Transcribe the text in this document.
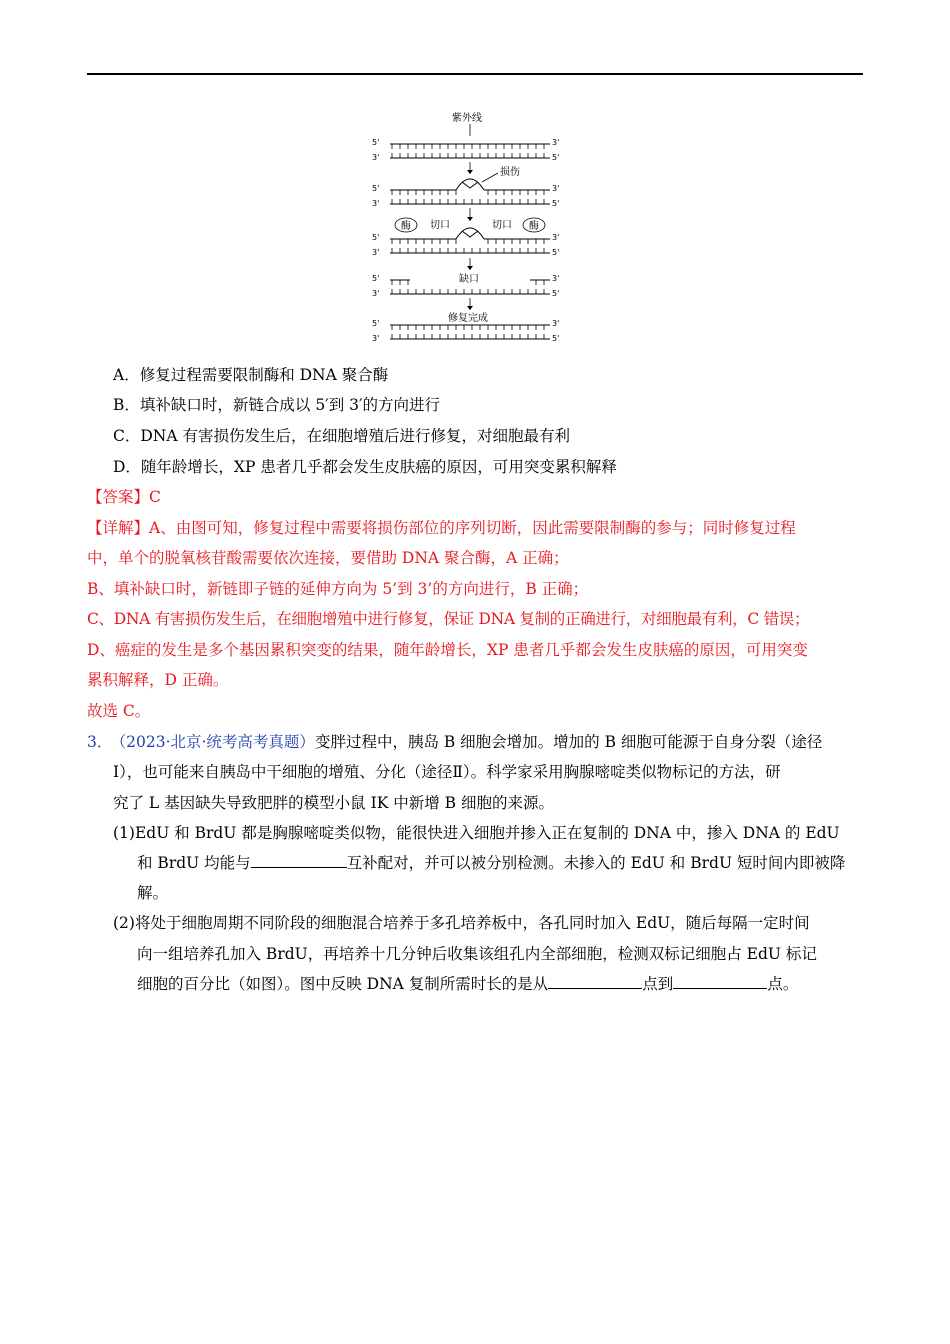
紫外线
5'	3'
3'	5'
5'	3'
3'	5'
5'	3'
3'	5'
5'	3'
3'	5'
5'	3'
3'	5'
损伤
切口	切口
酶	酶
缺口
修复完成
A．修复过程需要限制酶和 DNA 聚合酶
B．填补缺口时，新链合成以 5′到 3′的方向进行
C．DNA 有害损伤发生后，在细胞增殖后进行修复，对细胞最有利
D．随年龄增长，XP 患者几乎都会发生皮肤癌的原因，可用突变累积解释
【答案】C
【详解】A、由图可知，修复过程中需要将损伤部位的序列切断，因此需要限制酶的参与；同时修复过程
中，单个的脱氧核苷酸需要依次连接，要借助 DNA 聚合酶，A 正确；
B、填补缺口时，新链即子链的延伸方向为 5’到 3’的方向进行，B 正确；
C、DNA 有害损伤发生后，在细胞增殖中进行修复，保证 DNA 复制的正确进行，对细胞最有利，C 错误；
D、癌症的发生是多个基因累积突变的结果，随年龄增长，XP 患者几乎都会发生皮肤癌的原因，可用突变
累积解释，D 正确。
故选 C。
3． （2023·北京·统考高考真题）变胖过程中，胰岛 B 细胞会增加。增加的 B 细胞可能源于自身分裂（途径
Ⅰ），也可能来自胰岛中干细胞的增殖、分化（途径Ⅱ）。科学家采用胸腺嘧啶类似物标记的方法，研
究了 L 基因缺失导致肥胖的模型小鼠 IK 中新增 B 细胞的来源。
(1)EdU 和 BrdU 都是胸腺嘧啶类似物，能很快进入细胞并掺入正在复制的 DNA 中，掺入 DNA 的 EdU
和 BrdU 均能与	互补配对，并可以被分别检测。未掺入的 EdU 和 BrdU 短时间内即被降
解。
(2)将处于细胞周期不同阶段的细胞混合培养于多孔培养板中，各孔同时加入 EdU，随后每隔一定时间
向一组培养孔加入 BrdU，再培养十几分钟后收集该组孔内全部细胞，检测双标记细胞占 EdU 标记
细胞的百分比（如图）。图中反映 DNA 复制所需时长的是从	点到	点。
